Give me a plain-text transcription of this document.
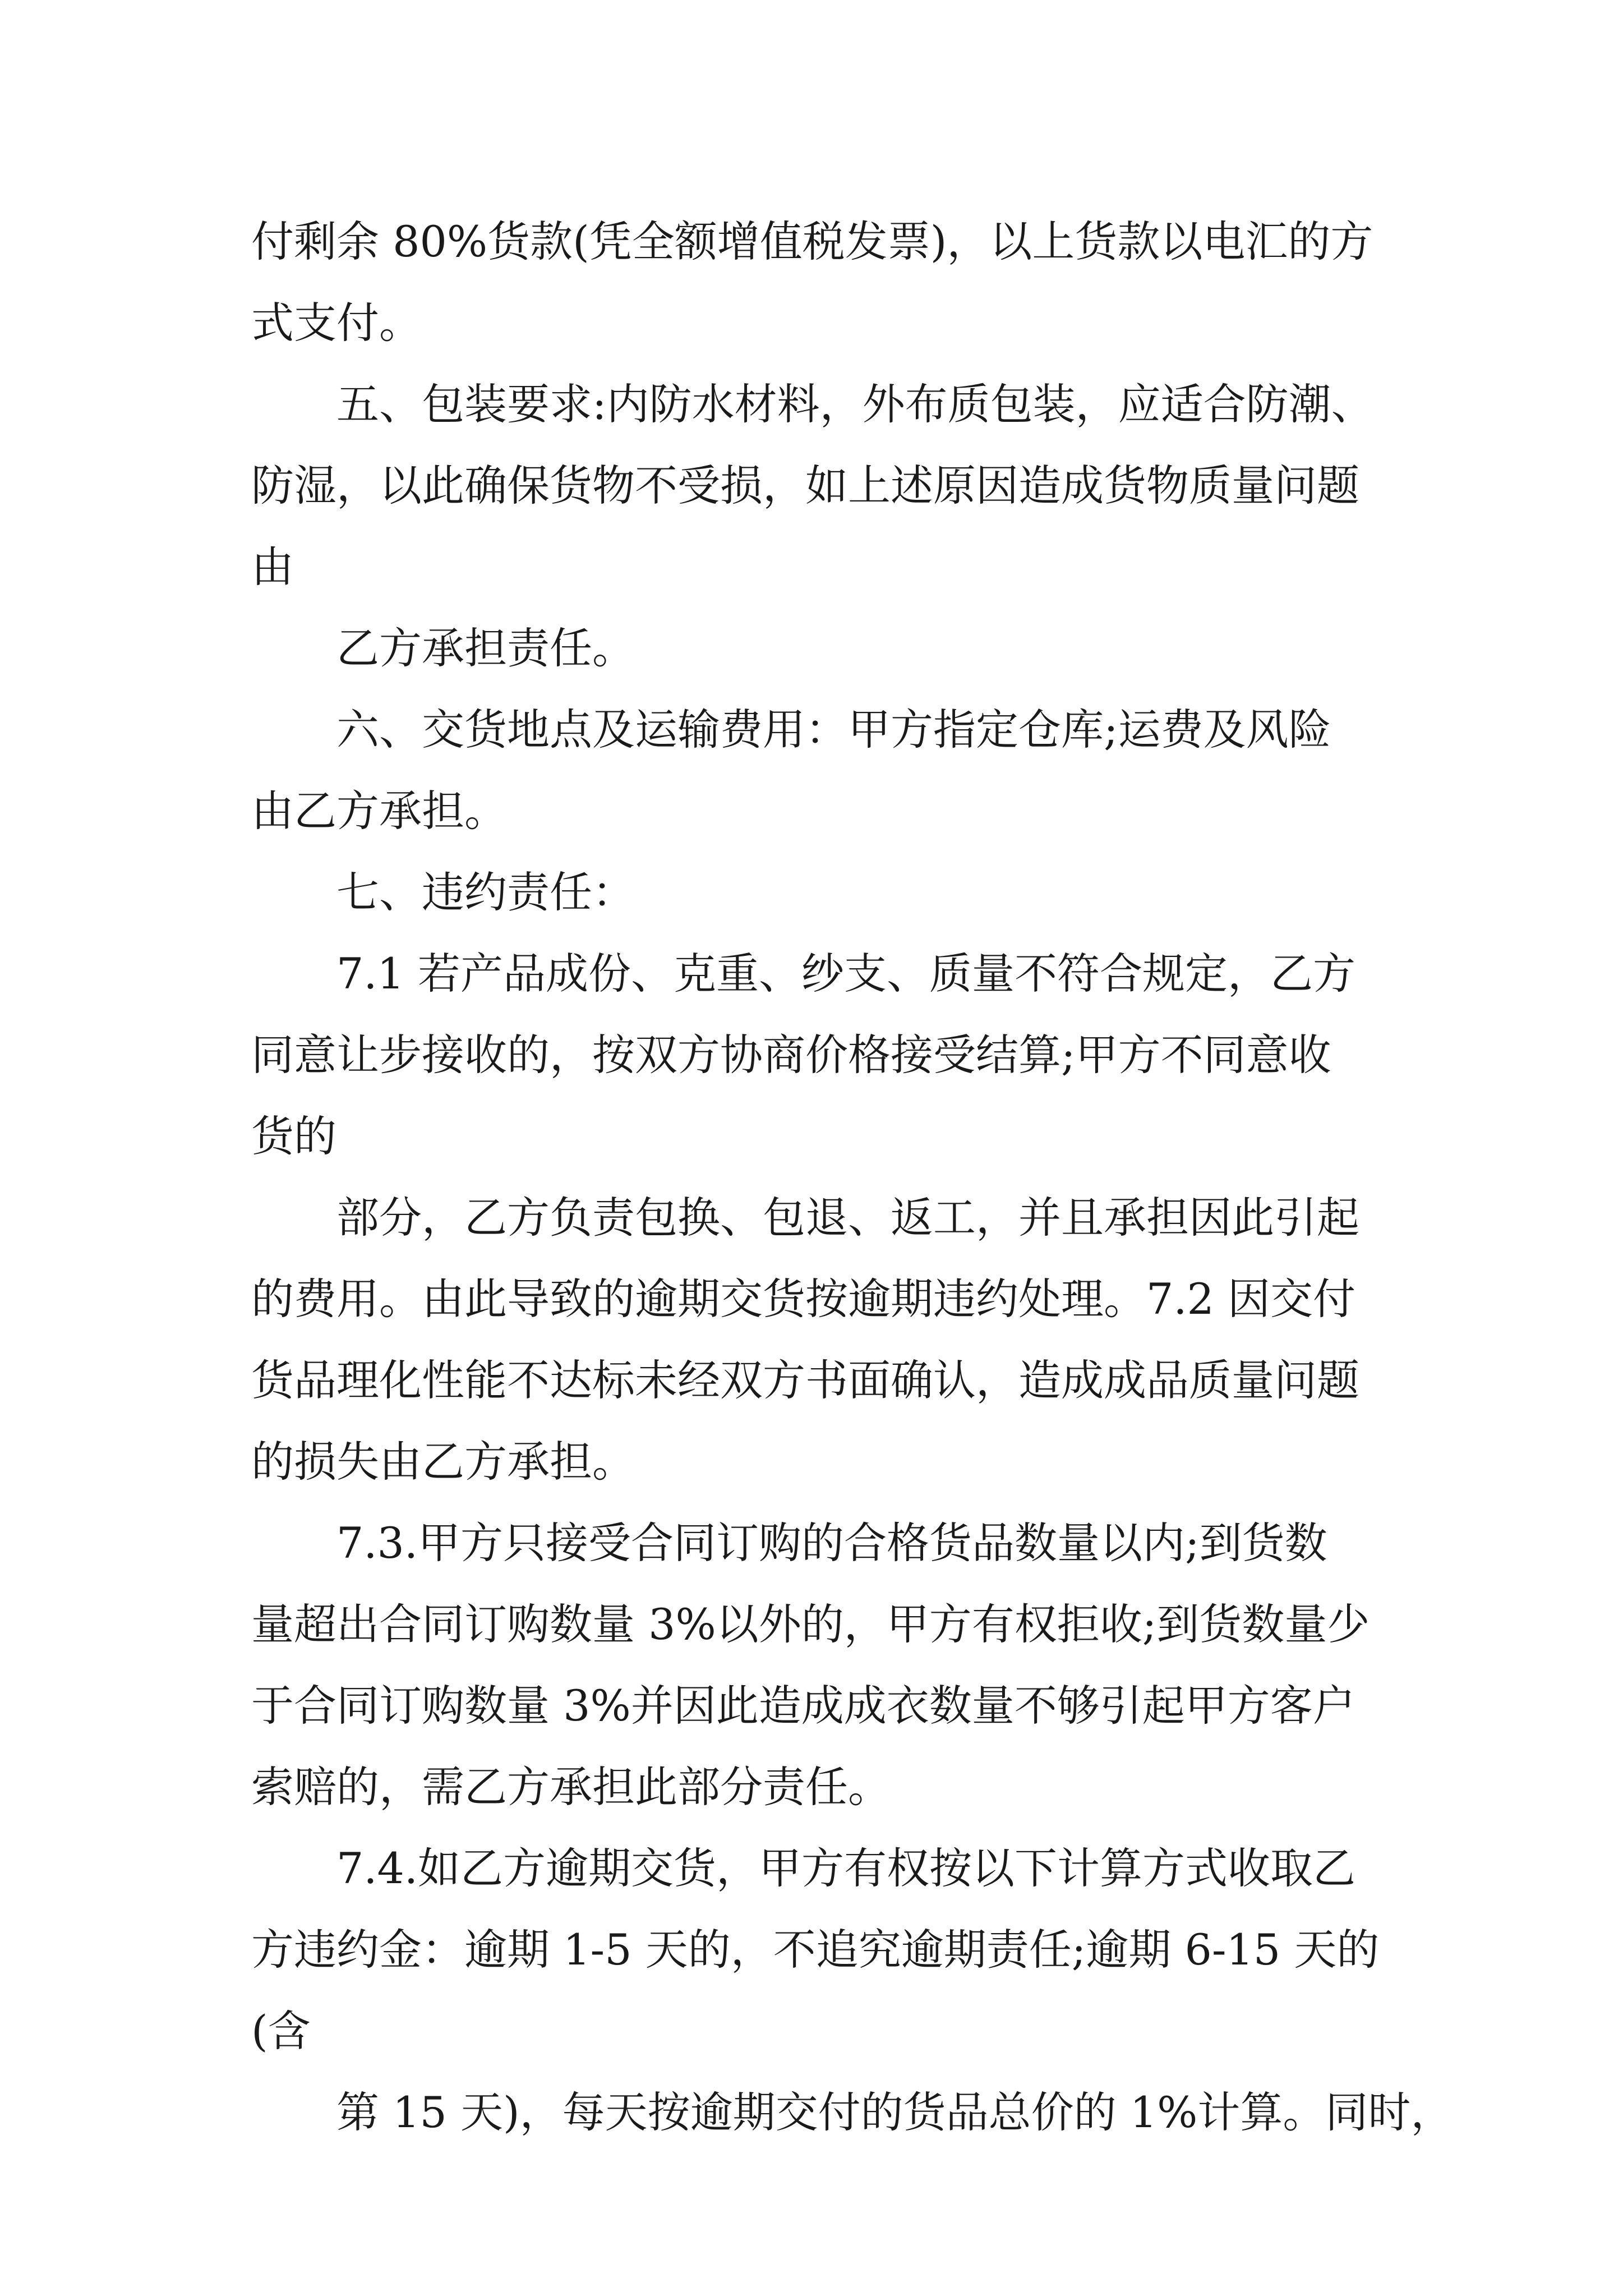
付剩余 80%货款(凭全额增值税发票)，以上货款以电汇的方
式支付。
五、包装要求:内防水材料，外布质包装，应适合防潮、
防湿，以此确保货物不受损，如上述原因造成货物质量问题
由
乙方承担责任。
六、交货地点及运输费用：甲方指定仓库;运费及风险
由乙方承担。
七、违约责任：
7.1 若产品成份、克重、纱支、质量不符合规定，乙方
同意让步接收的，按双方协商价格接受结算;甲方不同意收
货的
部分，乙方负责包换、包退、返工，并且承担因此引起
的费用。由此导致的逾期交货按逾期违约处理。7.2 因交付
货品理化性能不达标未经双方书面确认，造成成品质量问题
的损失由乙方承担。
7.3.甲方只接受合同订购的合格货品数量以内;到货数
量超出合同订购数量 3%以外的，甲方有权拒收;到货数量少
于合同订购数量 3%并因此造成成衣数量不够引起甲方客户
索赔的，需乙方承担此部分责任。
7.4.如乙方逾期交货，甲方有权按以下计算方式收取乙
方违约金：逾期 1-5 天的，不追究逾期责任;逾期 6-15 天的
(含
第 15 天)，每天按逾期交付的货品总价的 1%计算。同时，
